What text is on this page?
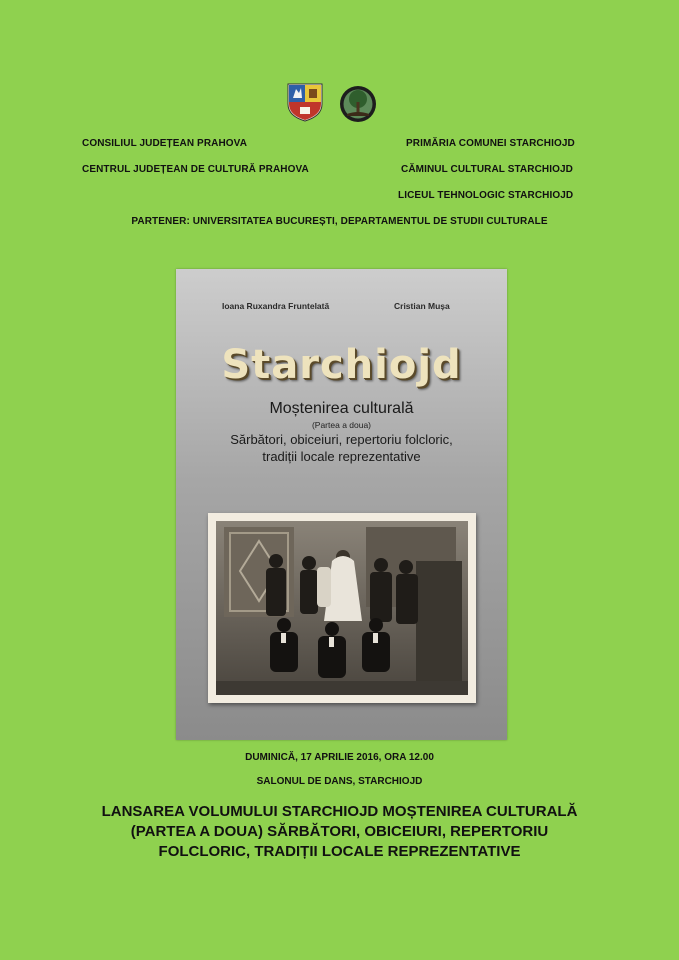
CONSILIUL JUDEȚEAN PRAHOVA
CENTRUL JUDEȚEAN DE CULTURĂ PRAHOVA
PRIMĂRIA COMUNEI STARCHIOJD
CĂMINUL CULTURAL STARCHIOJD
LICEUL TEHNOLOGIC STARCHIOJD
PARTENER: UNIVERSITATEA BUCUREȘTI, DEPARTAMENTUL DE STUDII CULTURALE
Ioana Ruxandra Fruntelată	Cristian Mușa
Starchiojd
Moștenirea culturală
(Partea a doua)
Sărbători, obiceiuri, repertoriu folcloric,
tradiții locale reprezentative
DUMINICĂ, 17 APRILIE 2016, ORA 12.00
SALONUL DE DANS, STARCHIOJD
LANSAREA VOLUMULUI STARCHIOJD MOȘTENIREA CULTURALĂ
(PARTEA A DOUA) SĂRBĂTORI, OBICEIURI, REPERTORIU
FOLCLORIC, TRADIȚII LOCALE REPREZENTATIVE
